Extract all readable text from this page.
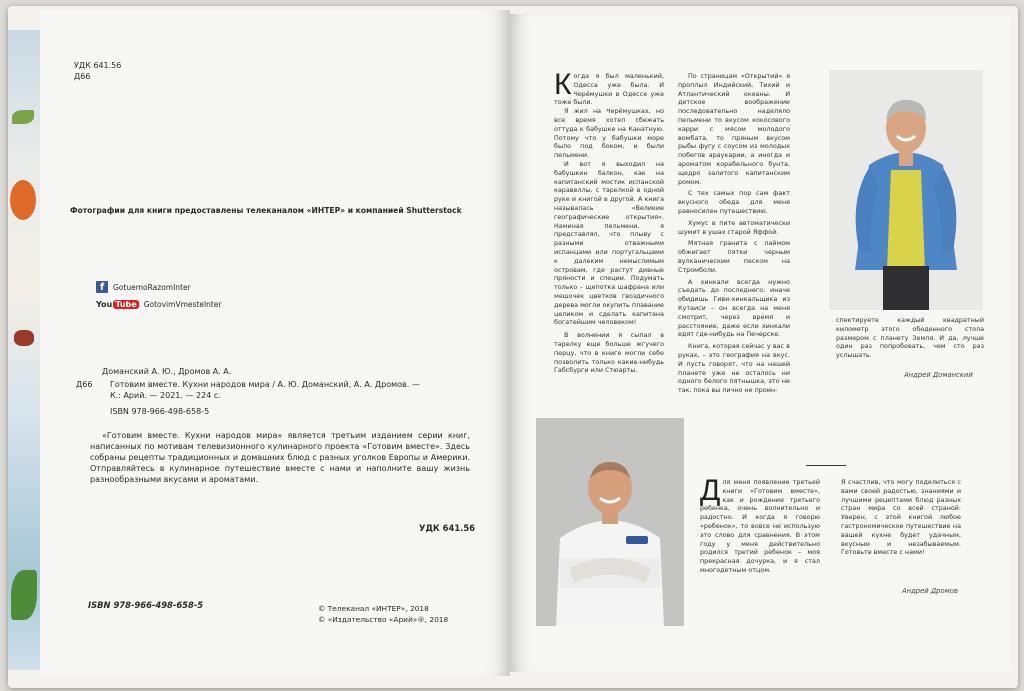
УДК 641.56
Д66
Фотографии для книги предоставлены телеканалом «ИНТЕР» и компанией Shutterstock
f	GotuemoRazomInter
You Tube GotovimVmesteInter
Доманский А. Ю., Дромов А. А.
Д66 Готовим вместе. Кухни народов мира / А. Ю. Доманский, А. А. Дромов. —
К.: Арий. — 2021. — 224 с.
ISBN 978-966-498-658-5
«Готовим вместе. Кухни народов мира» является третьим изданием серии книг, написанных по мотивам телевизионного кулинарного проекта «Готовим вместе». Здесь собраны рецепты традиционных и домашних блюд с разных уголков Европы и Америки. Отправляйтесь в кулинарное путешествие вместе с нами и наполните вашу жизнь разнообразными вкусами и ароматами.
УДК 641.56
ISBN 978-966-498-658-5	© Телеканал «ИНТЕР», 2018
© «Издательство «Арий»®, 2018
К огда я был маленький, Одесса уже была. И Черёмушки в Одессе уже тоже были.

Я жил на Черёмушках, но все время хотел сбежать оттуда к бабушке на Канатную. Потому что у бабушки море было под боком, и были пельмени.

И вот я выходил на бабушкин балкон, как на капитанский мостик испанской каравеллы, с тарелкой в одной руке и книгой в другой. А книга называлась «Великие географические открытия». Наминая пельмени, я представлял, что плыву с разными отважными испанцами или португальцами к далеким немыслимым островам, где растут дивные пряности и специи. Подумать только – щепотка шафрана или мешочек цветков гвоздичного дерева могли окупить плавание целиком и сделать капитана богатейшим человеком!

В волнении я сыпал в тарелку еще больше жгучего перцу, что в книге могли себе позволить только какие-нибудь Габсбурги или Стюарты.

По страницам «Открытий» я проплыл Индийский, Тихий и Атлантический океаны. И детское воображение последовательно наделяло пельмени то вкусом кокосового карри с мясом молодого вомбата, то пряным вкусом рыбы фугу с соусом из молодых побегов араукарии, а иногда и ароматом корабельного бунта, щедро залитого капитанским ромом.

С тех самых пор сам факт вкусного обеда для меня равносилен путешествию.

Хумус в пите автоматически шумит в ушах старой Яффой.

Мятная гранита с лаймом обжигает пятки черным вулканическим песком на Стромболи.

А хинкали всегда нужно съедать до последнего: иначе обидишь Гиви-хинкальщика из Кутаиси – он всегда на меня смотрит, через время и расстояние, даже если хинкали едят где-нибудь на Печерске.

Книга, которая сейчас у вас в руках, – это география на вкус. И пусть говорят, что на нашей планете уже не осталось ни одного белого пятнышка, это не так, пока вы лично не проин-

спектируете каждый квадратный километр этого обеденного стола размером с планету Земля. И да, лучше один раз попробовать, чем сто раз услышать.
Андрей Доманский
Д ля меня появление третьей книги «Готовим вместе», как и рождение третьего ребенка, очень волнительно и радостно. И когда я говорю «ребенок», то вовсе не использую это слово для сравнения. В этом году у меня действительно родился третий ребенок – моя прекрасная дочурка, и я стал многодетным отцом.
Я счастлив, что могу поделиться с вами своей радостью, знаниями и лучшими рецептами блюд разных стран мира со всей страной. Уверен, с этой книгой любое гастрономическое путешествие на вашей кухне будет удачным, вкусным и незабываемым. Готовьте вместе с нами!
Андрей Дромов
